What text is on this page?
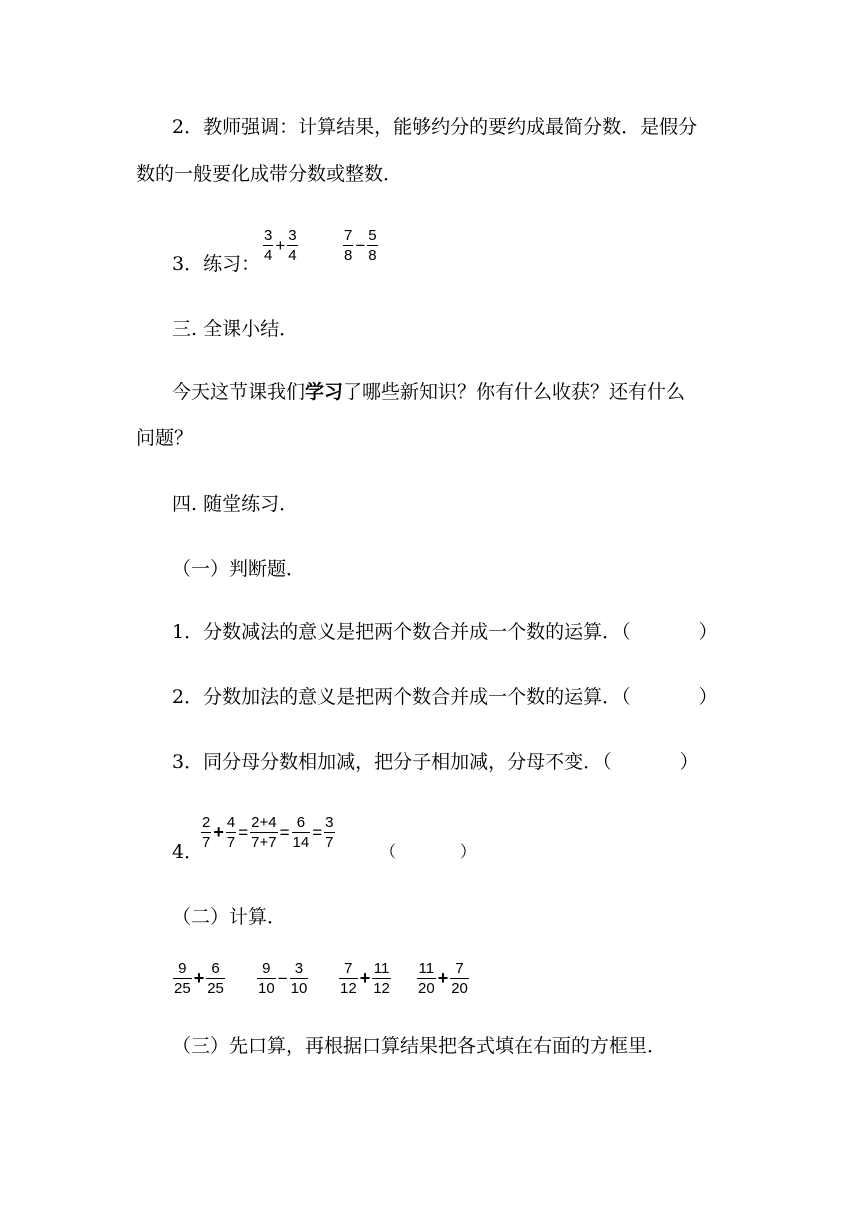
2．教师强调：计算结果，能够约分的要约成最简分数．是假分
数的一般要化成带分数或整数．
3．练习： $\frac{3}{4} + \frac{3}{4}$	$\frac{7}{8} - \frac{5}{8}$
三. 全课小结．
今天这节课我们学习了哪些新知识？你有什么收获？还有什么
问题？
四. 随堂练习．
（一）判断题．
1．分数减法的意义是把两个数合并成一个数的运算．（	）
2．分数加法的意义是把两个数合并成一个数的运算．（	）
3．同分母分数相加减，把分子相加减，分母不变．（	）
4．
$\frac{2}{7} + \frac{4}{7} = \frac{2+4}{7+7} = \frac{6}{14} = \frac{3}{7}$
（	）
（二）计算．
$\frac{9}{25} + \frac{6}{25} \frac{9}{10} - \frac{3}{10} \frac{7}{12} + \frac{11}{12} \frac{11}{20} + \frac{7}{20}$
（三）先口算，再根据口算结果把各式填在右面的方框里．
